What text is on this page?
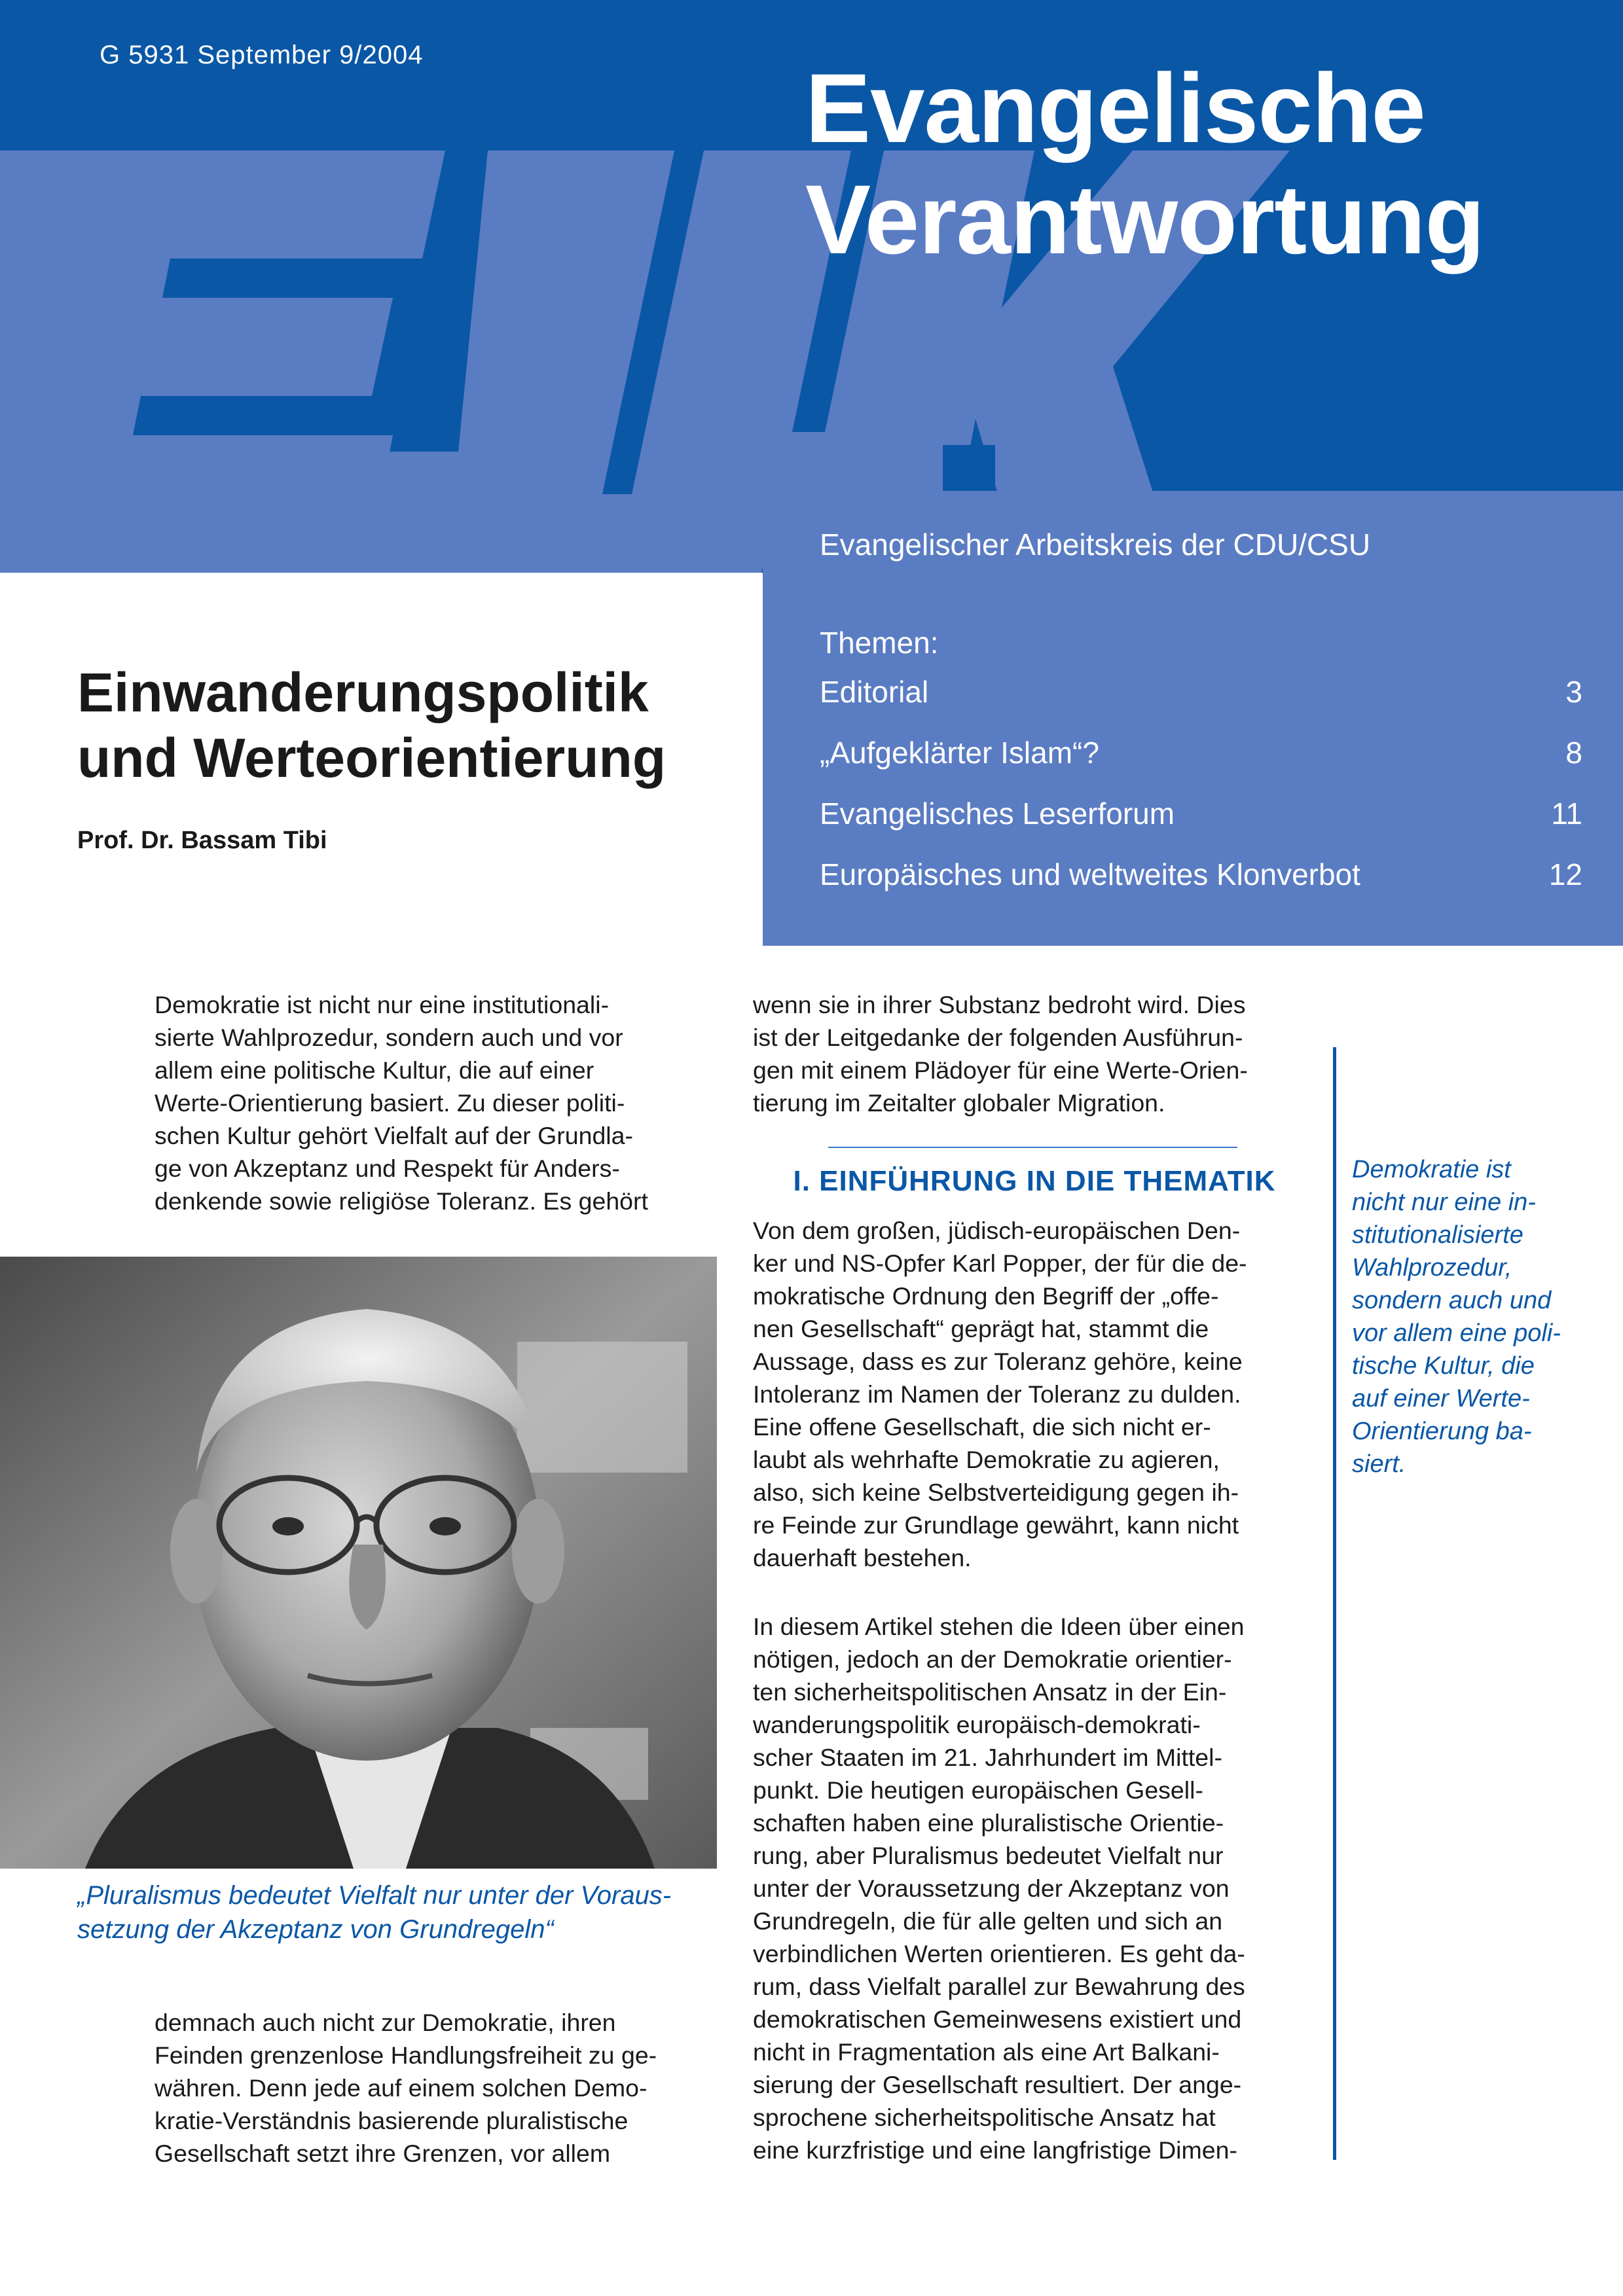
G 5931 September 9/2004	Evangelische
Verantwortung
Evangelischer Arbeitskreis der CDU/CSU
Themen:
Editorial	3
„Aufgeklärter Islam“?	8
Evangelisches Leserforum	11
Europäisches und weltweites Klonverbot	12
Einwanderungspolitik
und Werteorientierung
Prof. Dr. Bassam Tibi
Demokratie ist nicht nur eine institutionali-
sierte Wahlprozedur, sondern auch und vor
allem eine politische Kultur, die auf einer
Werte-Orientierung basiert. Zu dieser politi-
schen Kultur gehört Vielfalt auf der Grundla-
ge von Akzeptanz und Respekt für Anders-
denkende sowie religiöse Toleranz. Es gehört
„Pluralismus bedeutet Vielfalt nur unter der Voraus-
setzung der Akzeptanz von Grundregeln“
demnach auch nicht zur Demokratie, ihren
Feinden grenzenlose Handlungsfreiheit zu ge-
währen. Denn jede auf einem solchen Demo-
kratie-Verständnis basierende pluralistische
Gesellschaft setzt ihre Grenzen, vor allem
wenn sie in ihrer Substanz bedroht wird. Dies
ist der Leitgedanke der folgenden Ausführun-
gen mit einem Plädoyer für eine Werte-Orien-
tierung im Zeitalter globaler Migration.
I. EINFÜHRUNG IN DIE THEMATIK
Von dem großen, jüdisch-europäischen Den-
ker und NS-Opfer Karl Popper, der für die de-
mokratische Ordnung den Begriff der „offe-
nen Gesellschaft“ geprägt hat, stammt die
Aussage, dass es zur Toleranz gehöre, keine
Intoleranz im Namen der Toleranz zu dulden.
Eine offene Gesellschaft, die sich nicht er-
laubt als wehrhafte Demokratie zu agieren,
also, sich keine Selbstverteidigung gegen ih-
re Feinde zur Grundlage gewährt, kann nicht
dauerhaft bestehen.
In diesem Artikel stehen die Ideen über einen
nötigen, jedoch an der Demokratie orientier-
ten sicherheitspolitischen Ansatz in der Ein-
wanderungspolitik europäisch-demokrati-
scher Staaten im 21. Jahrhundert im Mittel-
punkt. Die heutigen europäischen Gesell-
schaften haben eine pluralistische Orientie-
rung, aber Pluralismus bedeutet Vielfalt nur
unter der Voraussetzung der Akzeptanz von
Grundregeln, die für alle gelten und sich an
verbindlichen Werten orientieren. Es geht da-
rum, dass Vielfalt parallel zur Bewahrung des
demokratischen Gemeinwesens existiert und
nicht in Fragmentation als eine Art Balkani-
sierung der Gesellschaft resultiert. Der ange-
sprochene sicherheitspolitische Ansatz hat
eine kurzfristige und eine langfristige Dimen-
Demokratie ist
nicht nur eine in-
stitutionalisierte
Wahlprozedur,
sondern auch und
vor allem eine poli-
tische Kultur, die
auf einer Werte-
Orientierung ba-
siert.
